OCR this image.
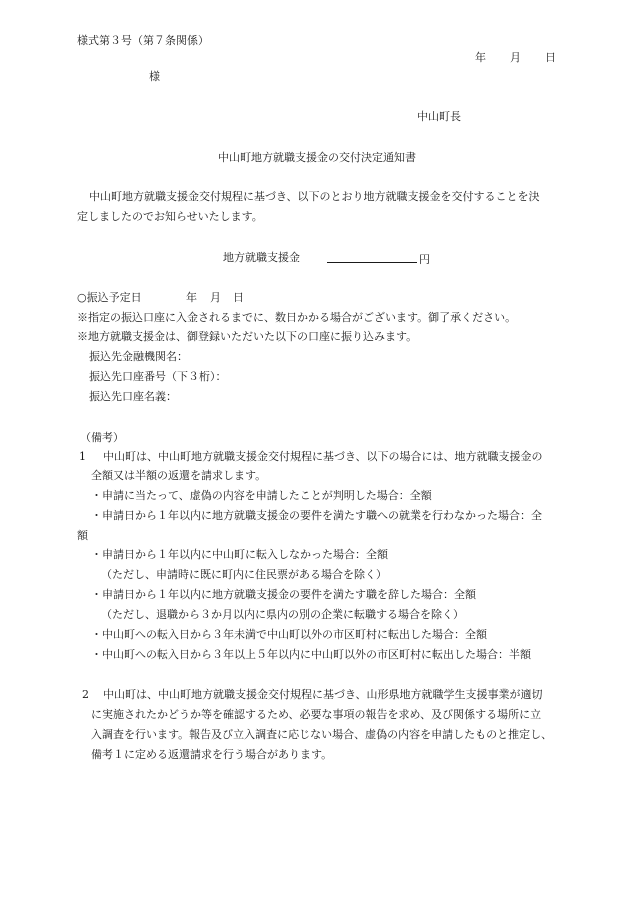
様式第３号（第７条関係）
年 月 日
様
中山町長
中山町地方就職支援金の交付決定通知書
中山町地方就職支援金交付規程に基づき、以下のとおり地方就職支援金を交付することを決
定しましたのでお知らせいたします。
地方就職支援金	円
○振込予定日	年 月 日
※指定の振込口座に入金されるまでに、数日かかる場合がございます。御了承ください。
※地方就職支援金は、御登録いただいた以下の口座に振り込みます。
振込先金融機関名：
振込先口座番号（下３桁）：
振込先口座名義：
（備考）
1 中山町は、中山町地方就職支援金交付規程に基づき、以下の場合には、地方就職支援金の
全額又は半額の返還を請求します。
・申請に当たって、虚偽の内容を申請したことが判明した場合：全額
・申請日から１年以内に地方就職支援金の要件を満たす職への就業を行わなかった場合：全
額
・申請日から１年以内に中山町に転入しなかった場合：全額
（ただし、申請時に既に町内に住民票がある場合を除く）
・申請日から１年以内に地方就職支援金の要件を満たす職を辞した場合：全額
（ただし、退職から３か月以内に県内の別の企業に転職する場合を除く）
・中山町への転入日から３年未満で中山町以外の市区町村に転出した場合：全額
・中山町への転入日から３年以上５年以内に中山町以外の市区町村に転出した場合：半額
2 中山町は、中山町地方就職支援金交付規程に基づき、山形県地方就職学生支援事業が適切
に実施されたかどうか等を確認するため、必要な事項の報告を求め、及び関係する場所に立
入調査を行います。報告及び立入調査に応じない場合、虚偽の内容を申請したものと推定し、
備考１に定める返還請求を行う場合があります。
